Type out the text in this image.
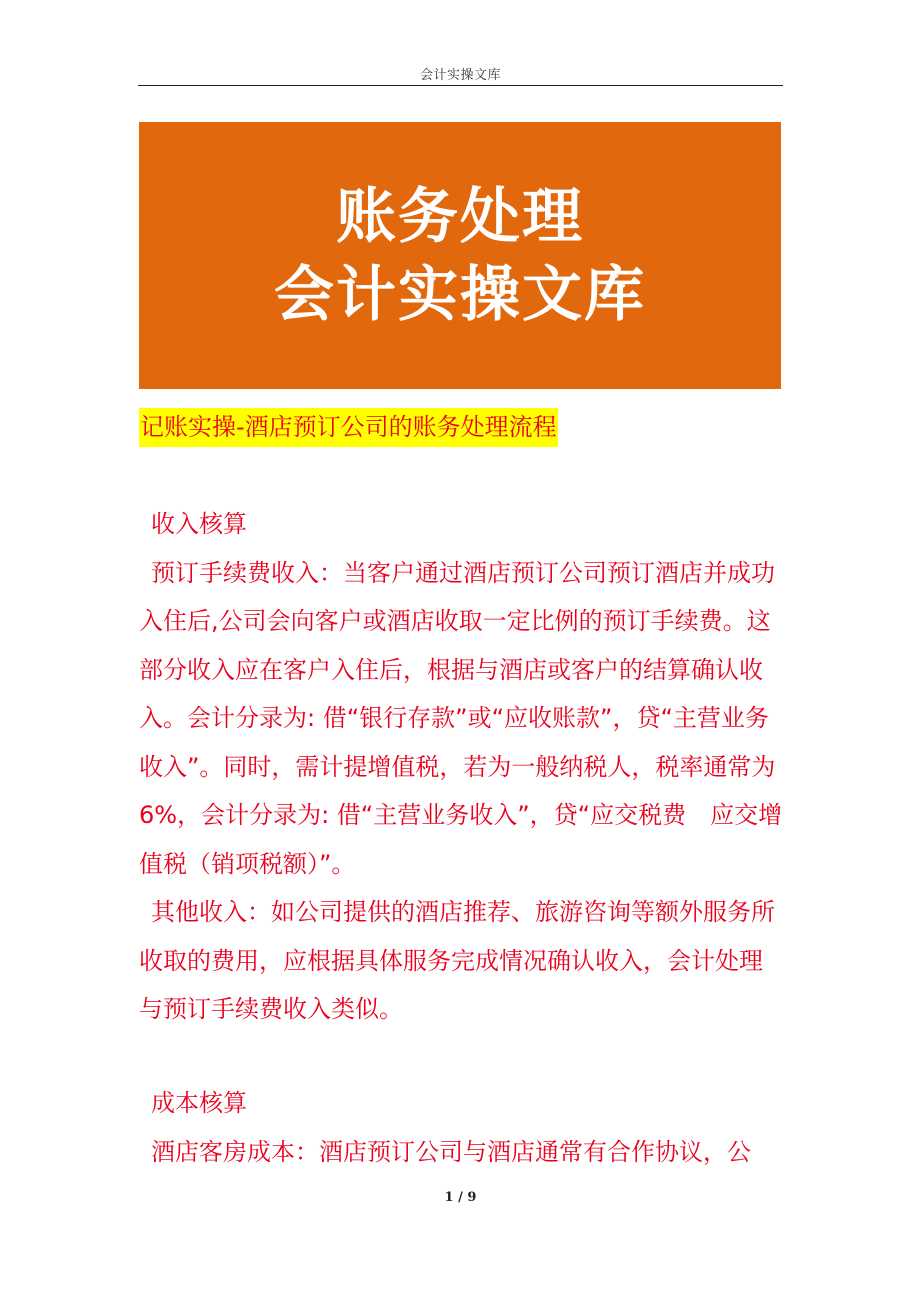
会计实操文库
账务处理
会计实操文库
记账实操-酒店预订公司的账务处理流程

收入核算

预订手续费收入：当客户通过酒店预订公司预订酒店并成功入住后,公司会向客户或酒店收取一定比例的预订手续费。这部分收入应在客户入住后，根据与酒店或客户的结算确认收入。会计分录为: 借“银行存款”或“应收账款”，贷“主营业务收入”。同时，需计提增值税，若为一般纳税人，税率通常为 6%，会计分录为: 借“主营业务收入”，贷“应交税费　应交增值税（销项税额）”。

其他收入：如公司提供的酒店推荐、旅游咨询等额外服务所收取的费用，应根据具体服务完成情况确认收入，会计处理与预订手续费收入类似。

成本核算

酒店客房成本：酒店预订公司与酒店通常有合作协议，公

1 / 9
